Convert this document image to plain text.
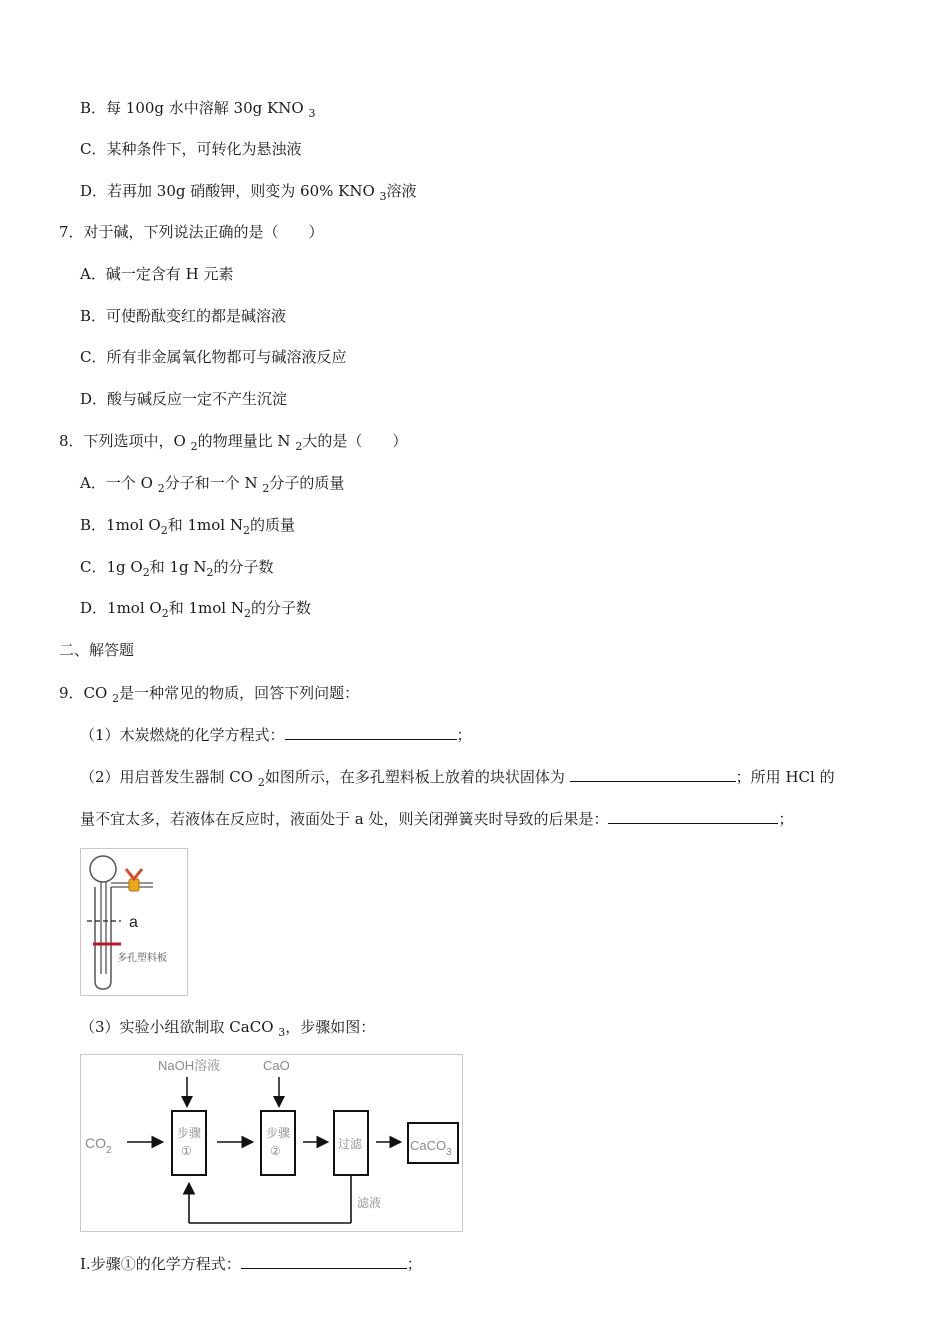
B．每 100g 水中溶解 30g KNO $_3$
C．某种条件下，可转化为悬浊液
D．若再加 30g 硝酸钾，则变为 60% KNO $_3$溶液
7．对于碱，下列说法正确的是（　　）
A．碱一定含有 H 元素
B．可使酚酞变红的都是碱溶液
C．所有非金属氧化物都可与碱溶液反应
D．酸与碱反应一定不产生沉淀
8．下列选项中，O $_2$的物理量比 N $_2$大的是（　　）
A．一个 O $_2$分子和一个 N $_2$分子的质量
B．1mol $O_2$和 1mol $N_2$的质量
C．1g $O_2$和 1g $N_2$的分子数
D．1mol $O_2$和 1mol $N_2$的分子数
二、解答题
9．CO $_2$是一种常见的物质，回答下列问题：
（1）木炭燃烧的化学方程式：	；
（2）用启普发生器制 CO $_2$如图所示，在多孔塑料板上放着的块状固体为	；所用 HCl 的
量不宜太多，若液体在反应时，液面处于 a 处，则关闭弹簧夹时导致的后果是：	；
a
多孔塑料板
（3）实验小组欲制取 CaCO $_3$，步骤如图：
NaOH溶液	CaO
$CO_2$
步骤
①
步骤
②	过滤	CaCO$_3$
滤液
Ⅰ.步骤①的化学方程式：	；
